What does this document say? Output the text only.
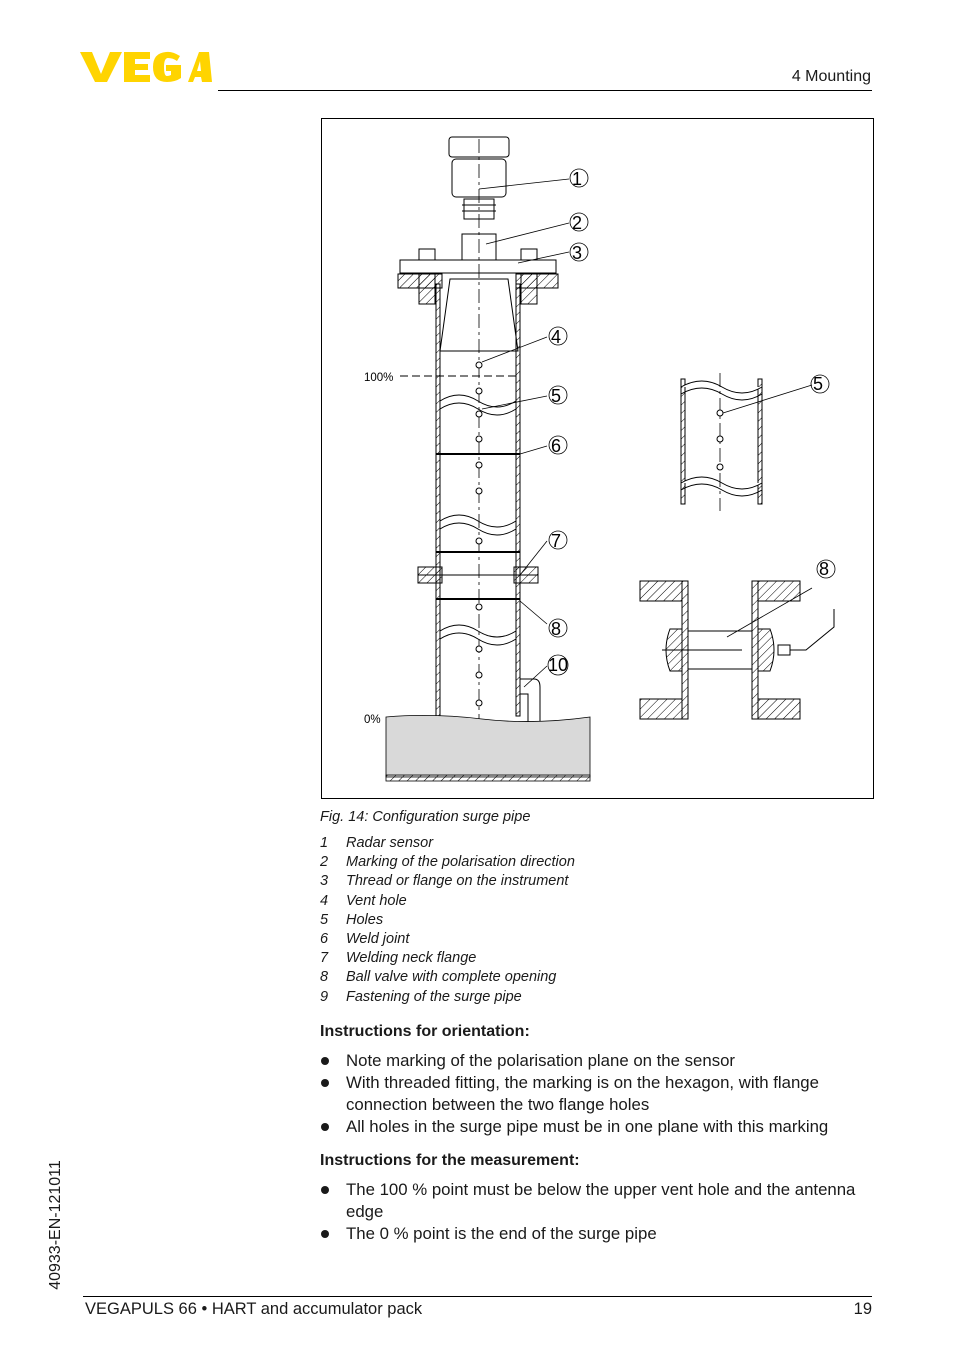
4 Mounting
1
2
3
4
5
6
7
8
10
5
8
100%
0%
Fig. 14: Configuration surge pipe
1 Radar sensor
2 Marking of the polarisation direction
3 Thread or flange on the instrument
4 Vent hole
5 Holes
6 Weld joint
7 Welding neck flange
8 Ball valve with complete opening
9 Fastening of the surge pipe
Instructions for orientation:
Note marking of the polarisation plane on the sensor
With threaded fitting, the marking is on the hexagon, with flange connection between the two flange holes
All holes in the surge pipe must be in one plane with this marking
Instructions for the measurement:
The 100 % point must be below the upper vent hole and the antenna edge
The 0 % point is the end of the surge pipe
40933-EN-121011
VEGAPULS 66 • HART and accumulator pack	19
